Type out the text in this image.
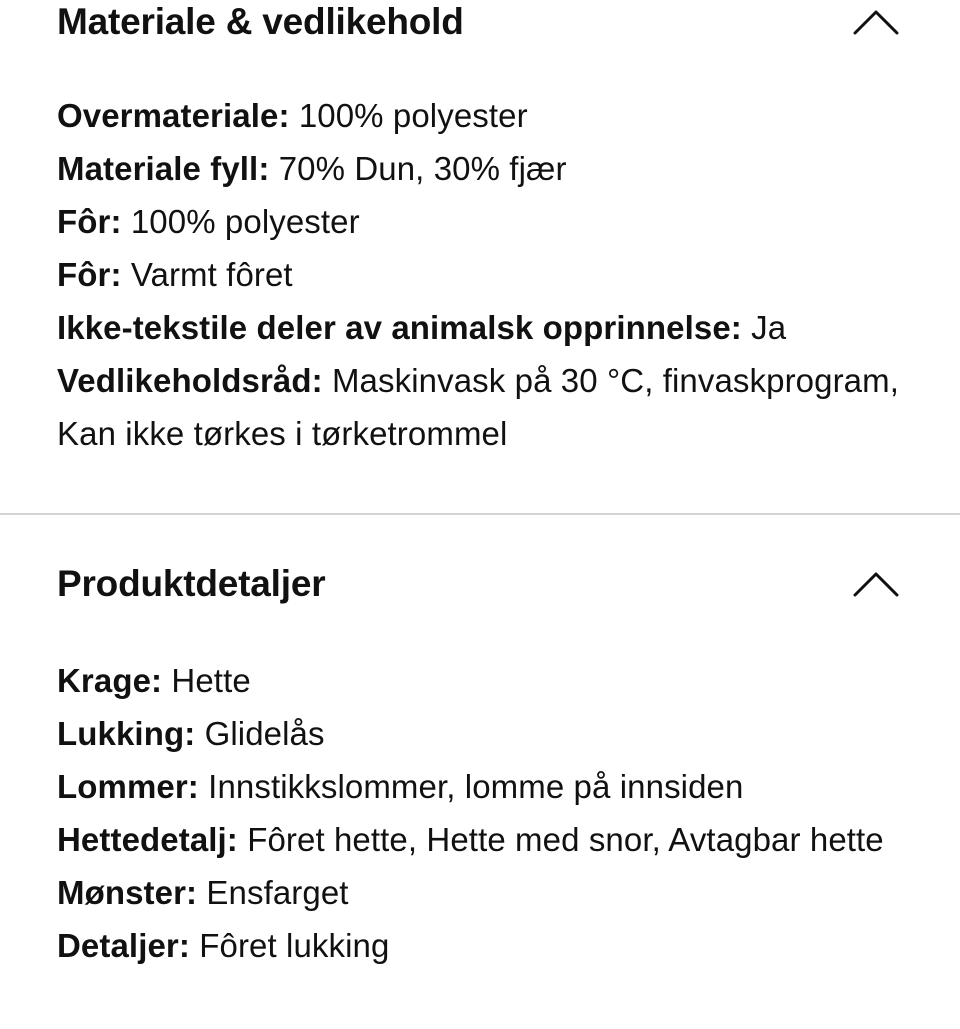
Materiale & vedlikehold
Overmateriale: 100% polyester
Materiale fyll: 70% Dun, 30% fjær
Fôr: 100% polyester
Fôr: Varmt fôret
Ikke-tekstile deler av animalsk opprinnelse: Ja
Vedlikeholdsråd: Maskinvask på 30 °C, finvaskprogram, Kan ikke tørkes i tørketrommel
Produktdetaljer
Krage: Hette
Lukking: Glidelås
Lommer: Innstikkslommer, lomme på innsiden
Hettedetalj: Fôret hette, Hette med snor, Avtagbar hette
Mønster: Ensfarget
Detaljer: Fôret lukking
